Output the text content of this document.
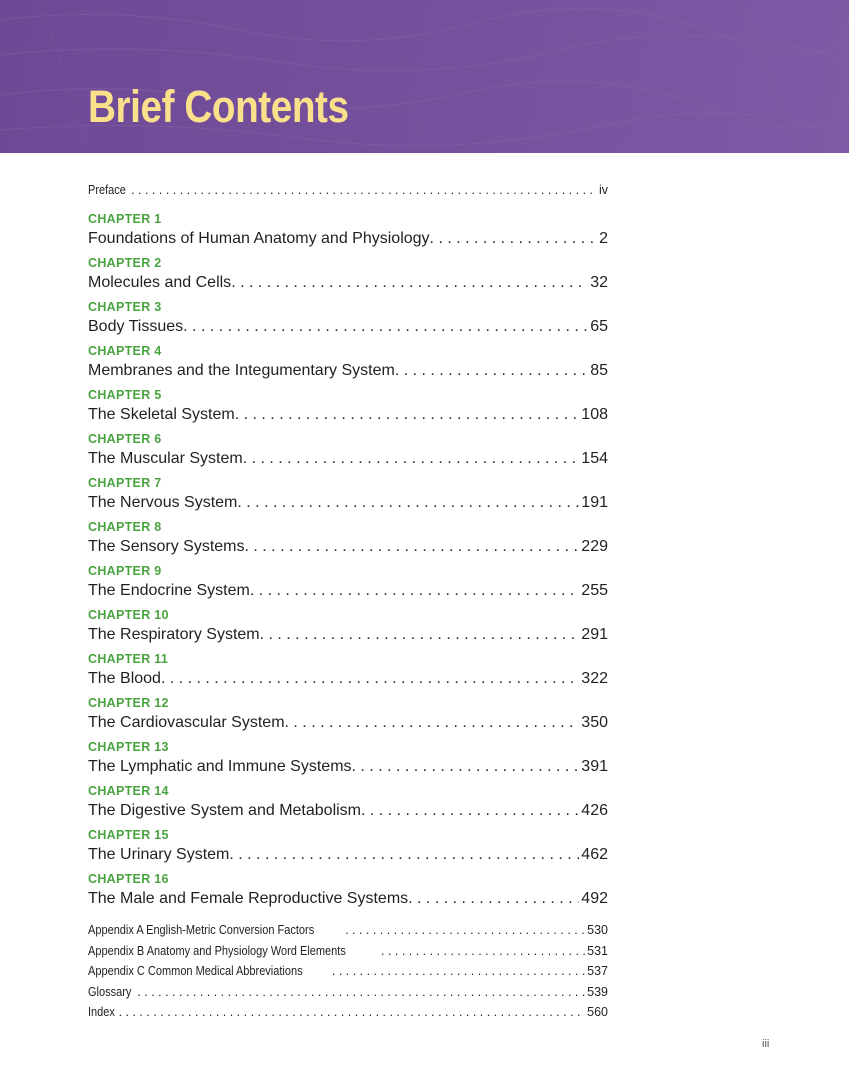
Brief Contents
Preface . . .	iv
CHAPTER 1
Foundations of Human Anatomy and Physiology . . .	2
CHAPTER 2
Molecules and Cells . . .	32
CHAPTER 3
Body Tissues . . .	65
CHAPTER 4
Membranes and the Integumentary System . . .	85
CHAPTER 5
The Skeletal System . . .	108
CHAPTER 6
The Muscular System . . .	154
CHAPTER 7
The Nervous System . . .	191
CHAPTER 8
The Sensory Systems . . .	229
CHAPTER 9
The Endocrine System . . .	255
CHAPTER 10
The Respiratory System . . .	291
CHAPTER 11
The Blood . . .	322
CHAPTER 12
The Cardiovascular System . . .	350
CHAPTER 13
The Lymphatic and Immune Systems . . .	391
CHAPTER 14
The Digestive System and Metabolism . . .	426
CHAPTER 15
The Urinary System . . .	462
CHAPTER 16
The Male and Female Reproductive Systems . . .	492
Appendix A English-Metric Conversion Factors . . .	530
Appendix B Anatomy and Physiology Word Elements . . .	531
Appendix C Common Medical Abbreviations . . .	537
Glossary . . .	539
Index . . .	560
iii
